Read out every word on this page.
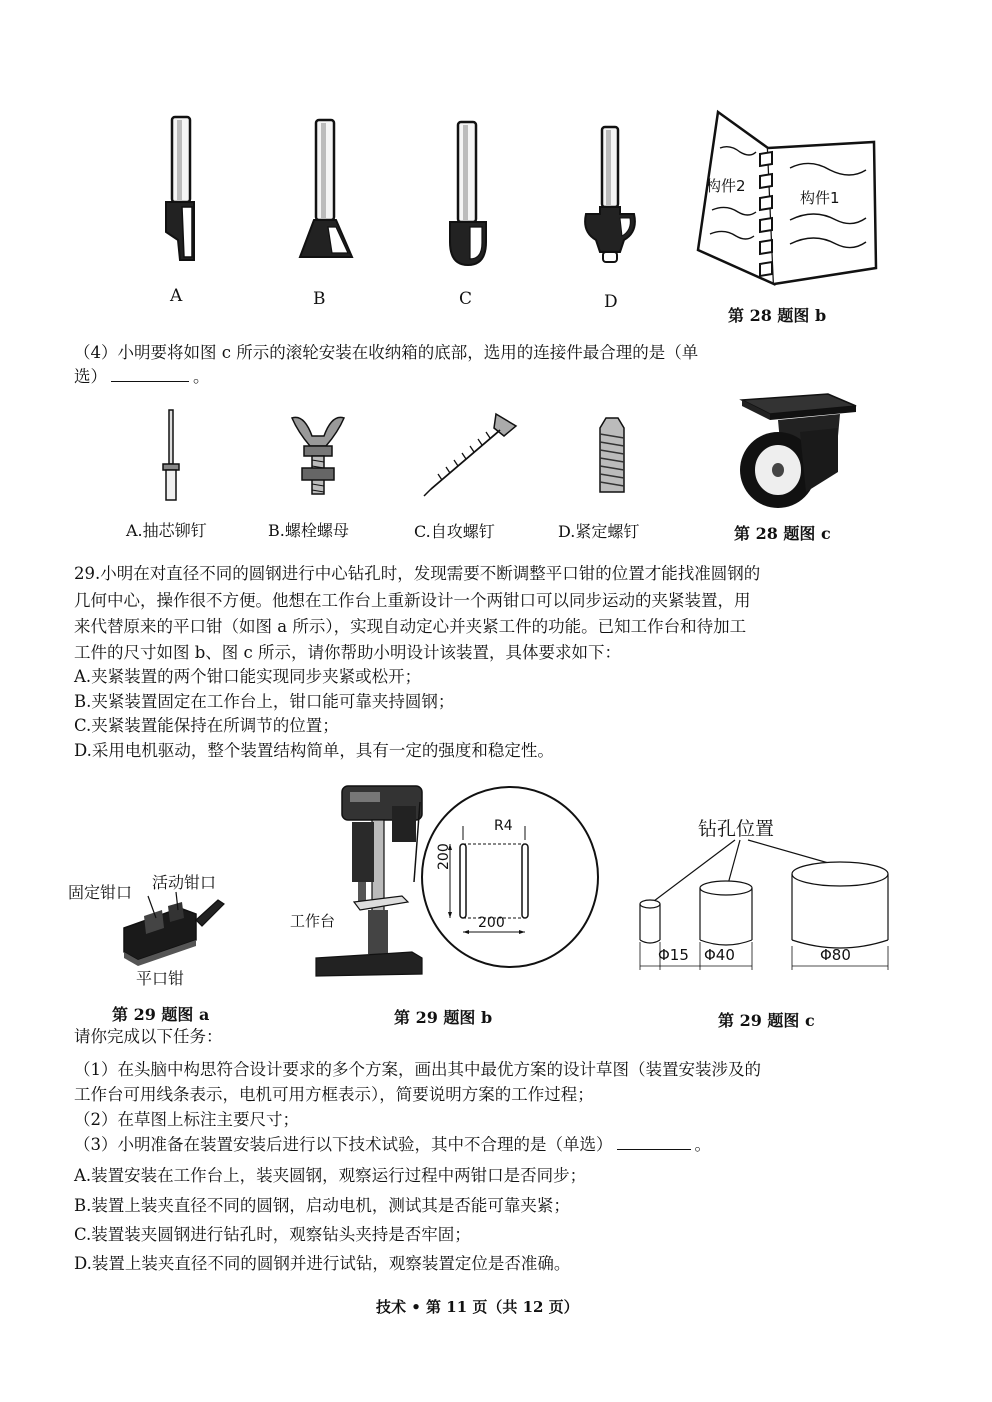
A	B	C	D
构件2
构件1
第 28 题图 b
（4）小明要将如图 c 所示的滚轮安装在收纳箱的底部，选用的连接件最合理的是（单
选）	。
A.抽芯铆钉	B.螺栓螺母	C.自攻螺钉	D.紧定螺钉	第 28 题图 c
29.小明在对直径不同的圆钢进行中心钻孔时，发现需要不断调整平口钳的位置才能找准圆钢的
几何中心，操作很不方便。他想在工作台上重新设计一个两钳口可以同步运动的夹紧装置，用
来代替原来的平口钳（如图 a 所示），实现自动定心并夹紧工件的功能。已知工作台和待加工
工件的尺寸如图 b、图 c 所示，请你帮助小明设计该装置，具体要求如下：
A.夹紧装置的两个钳口能实现同步夹紧或松开；
B.夹紧装置固定在工作台上，钳口能可靠夹持圆钢；
C.夹紧装置能保持在所调节的位置；
D.采用电机驱动，整个装置结构简单，具有一定的强度和稳定性。
固定钳口
活动钳口
平口钳
第 29 题图 a
工作台
R4
200
200
第 29 题图 b
钻孔位置
Φ15 Φ40	Φ80
第 29 题图 c
请你完成以下任务：
（1）在头脑中构思符合设计要求的多个方案，画出其中最优方案的设计草图（装置安装涉及的
工作台可用线条表示，电机可用方框表示），简要说明方案的工作过程；
（2）在草图上标注主要尺寸；
（3）小明准备在装置安装后进行以下技术试验，其中不合理的是（单选）	。
A.装置安装在工作台上，装夹圆钢，观察运行过程中两钳口是否同步；
B.装置上装夹直径不同的圆钢，启动电机，测试其是否能可靠夹紧；
C.装置装夹圆钢进行钻孔时，观察钻头夹持是否牢固；
D.装置上装夹直径不同的圆钢并进行试钻，观察装置定位是否准确。
技术 • 第 11 页（共 12 页）
